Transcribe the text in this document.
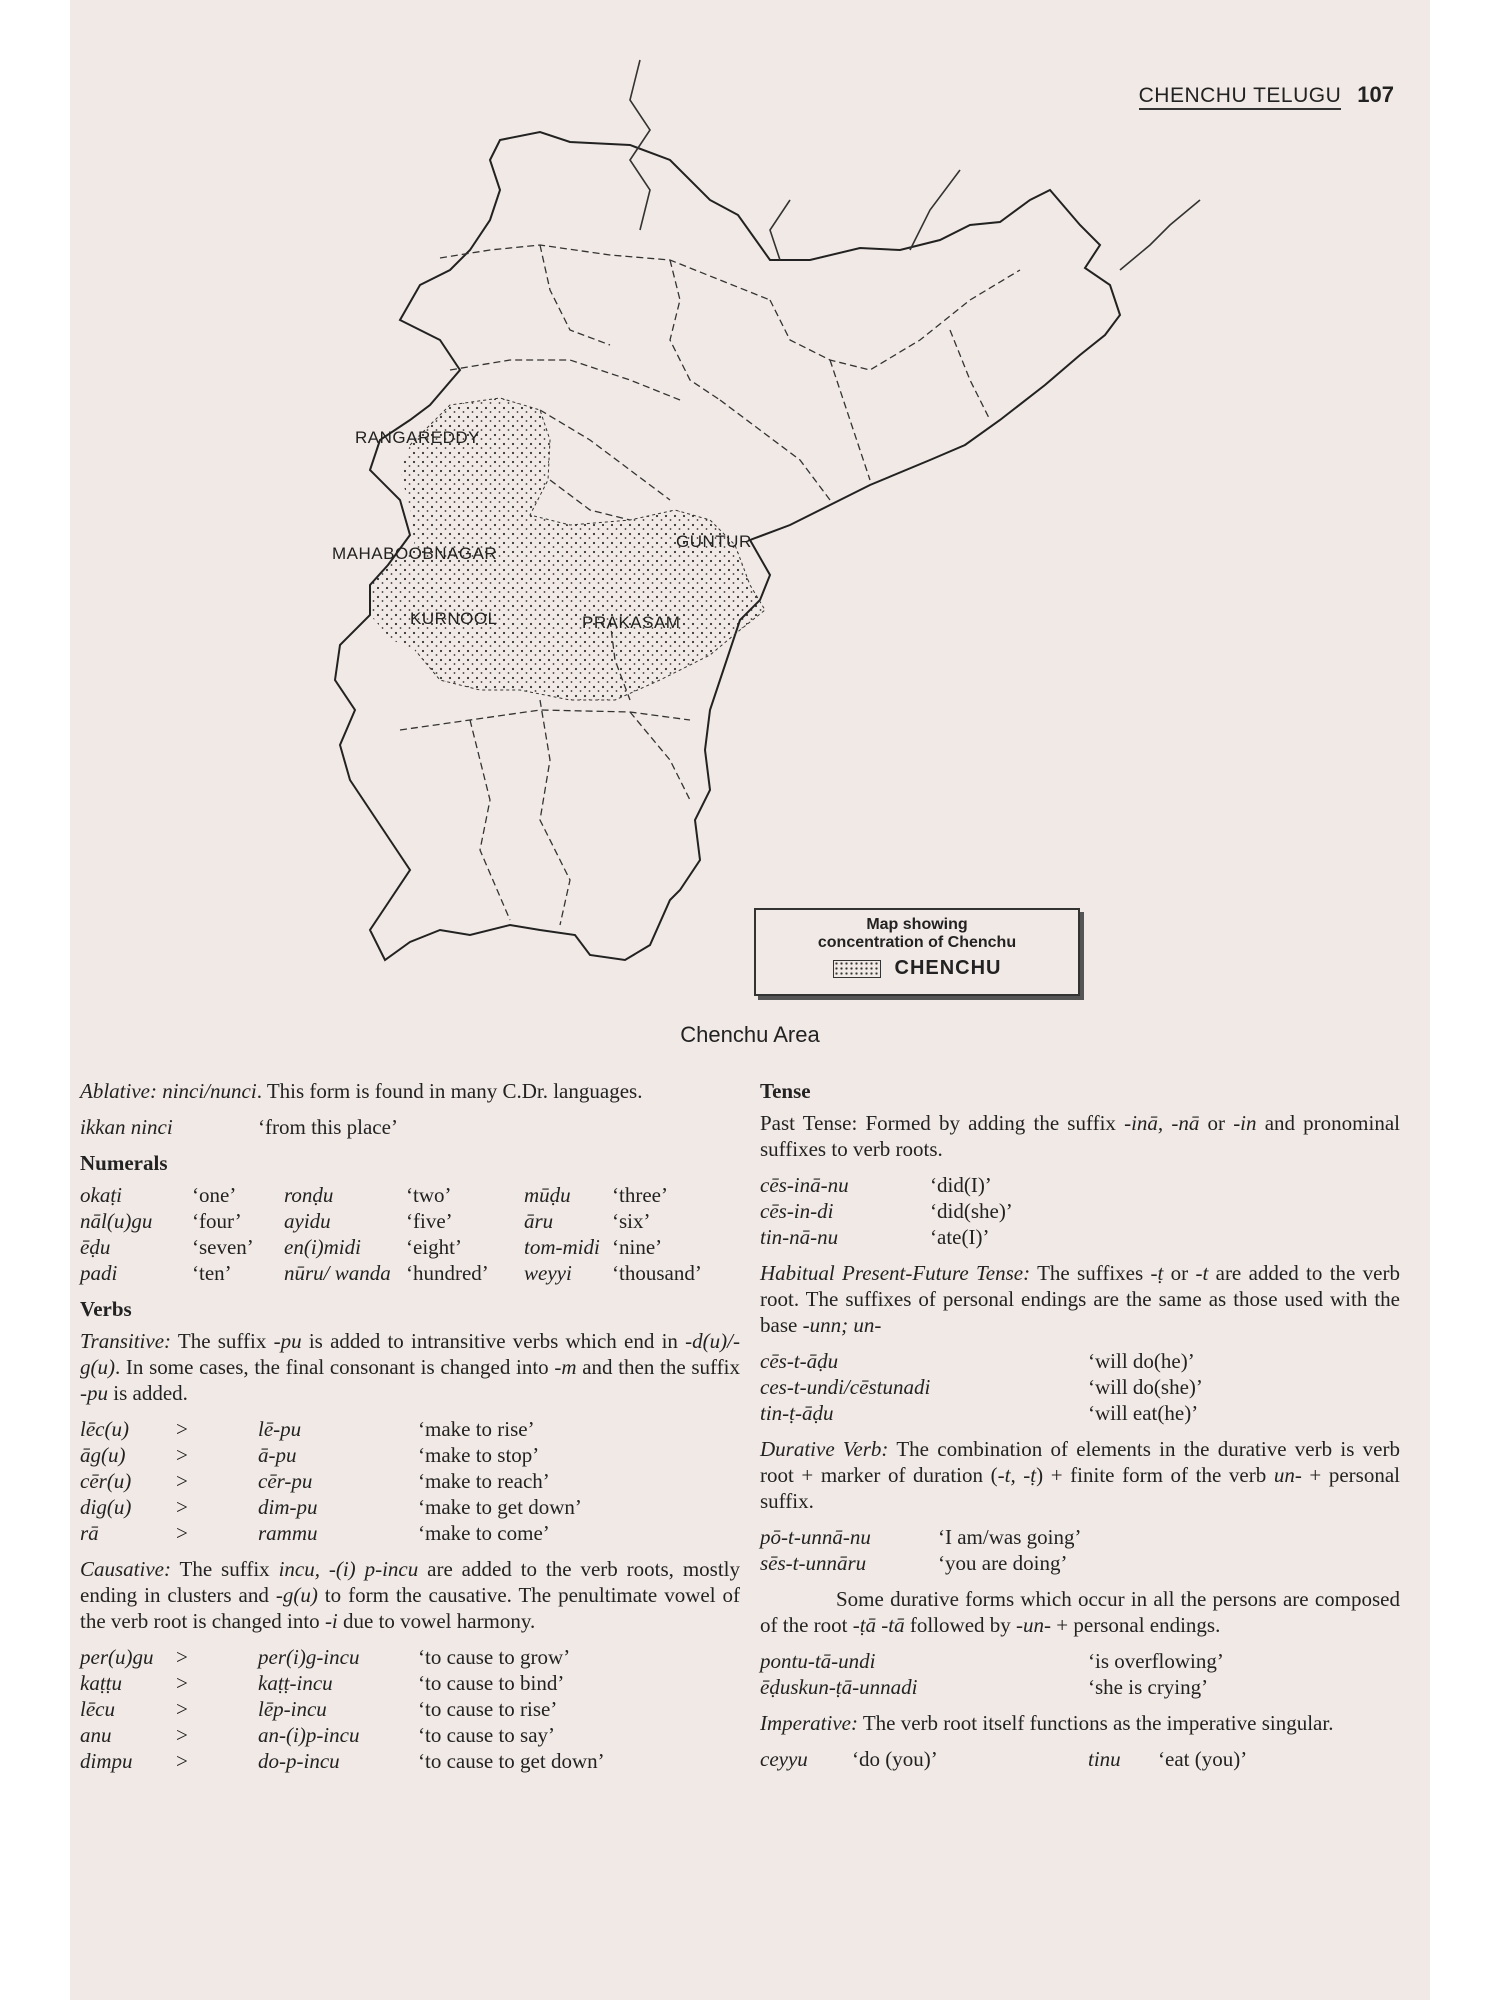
CHENCHU TELUGU 107
RANGAREDDY
MAHABOOBNAGAR
GUNTUR
KURNOOL	PRAKASAM
Map showing
concentration of Chenchu
CHENCHU
Chenchu Area

Ablative: ninci/nunci. This form is found in many C.Dr. languages.

ikkan ninci	‘from this place’
Numerals
okaṭi	‘one’	ronḍu	‘two’	mūḍu	‘three’
nāl(u)gu	‘four’	ayidu	‘five’	āru	‘six’
ēḍu	‘seven’	en(i)midi	‘eight’	tom-midi	‘nine’
padi	‘ten’	nūru/ wanda	‘hundred’	weyyi	‘thousand’
Verbs

Transitive: The suffix -pu is added to intransitive verbs which end in -d(u)/-g(u). In some cases, the final consonant is changed into -m and then the suffix -pu is added.

lēc(u)	>	lē-pu	‘make to rise’
āg(u)	>	ā-pu	‘make to stop’
cēr(u)	>	cēr-pu	‘make to reach’
dig(u)	>	dim-pu	‘make to get down’
rā	>	rammu	‘make to come’

Causative: The suffix incu, -(i) p-incu are added to the verb roots, mostly ending in clusters and -g(u) to form the causative. The penultimate vowel of the verb root is changed into -i due to vowel harmony.

per(u)gu	>	per(i)g-incu	‘to cause to grow’
kaṭṭu	>	kaṭṭ-incu	‘to cause to bind’
lēcu	>	lēp-incu	‘to cause to rise’
anu	>	an-(i)p-incu	‘to cause to say’
dimpu	>	do-p-incu	‘to cause to get down’
Tense

Past Tense: Formed by adding the suffix -inā, -nā or -in and pronominal suffixes to verb roots.

cēs-inā-nu	‘did(I)’
cēs-in-di	‘did(she)’
tin-nā-nu	‘ate(I)’

Habitual Present-Future Tense: The suffixes -ṭ or -t are added to the verb root. The suffixes of personal endings are the same as those used with the base -unn; un-

cēs-t-āḍu	‘will do(he)’
ces-t-undi/cēstunadi	‘will do(she)’
tin-ṭ-āḍu	‘will eat(he)’

Durative Verb: The combination of elements in the durative verb is verb root + marker of duration (-t, -ṭ) + finite form of the verb un- + personal suffix.

pō-t-unnā-nu	‘I am/was going’
sēs-t-unnāru	‘you are doing’

Some durative forms which occur in all the persons are composed of the root -ṭā -tā followed by -un- + personal endings.

pontu-tā-undi	‘is overflowing’
ēḍuskun-ṭā-unnadi	‘she is crying’

Imperative: The verb root itself functions as the imperative singular.

ceyyu	‘do (you)’	tinu	‘eat (you)’
